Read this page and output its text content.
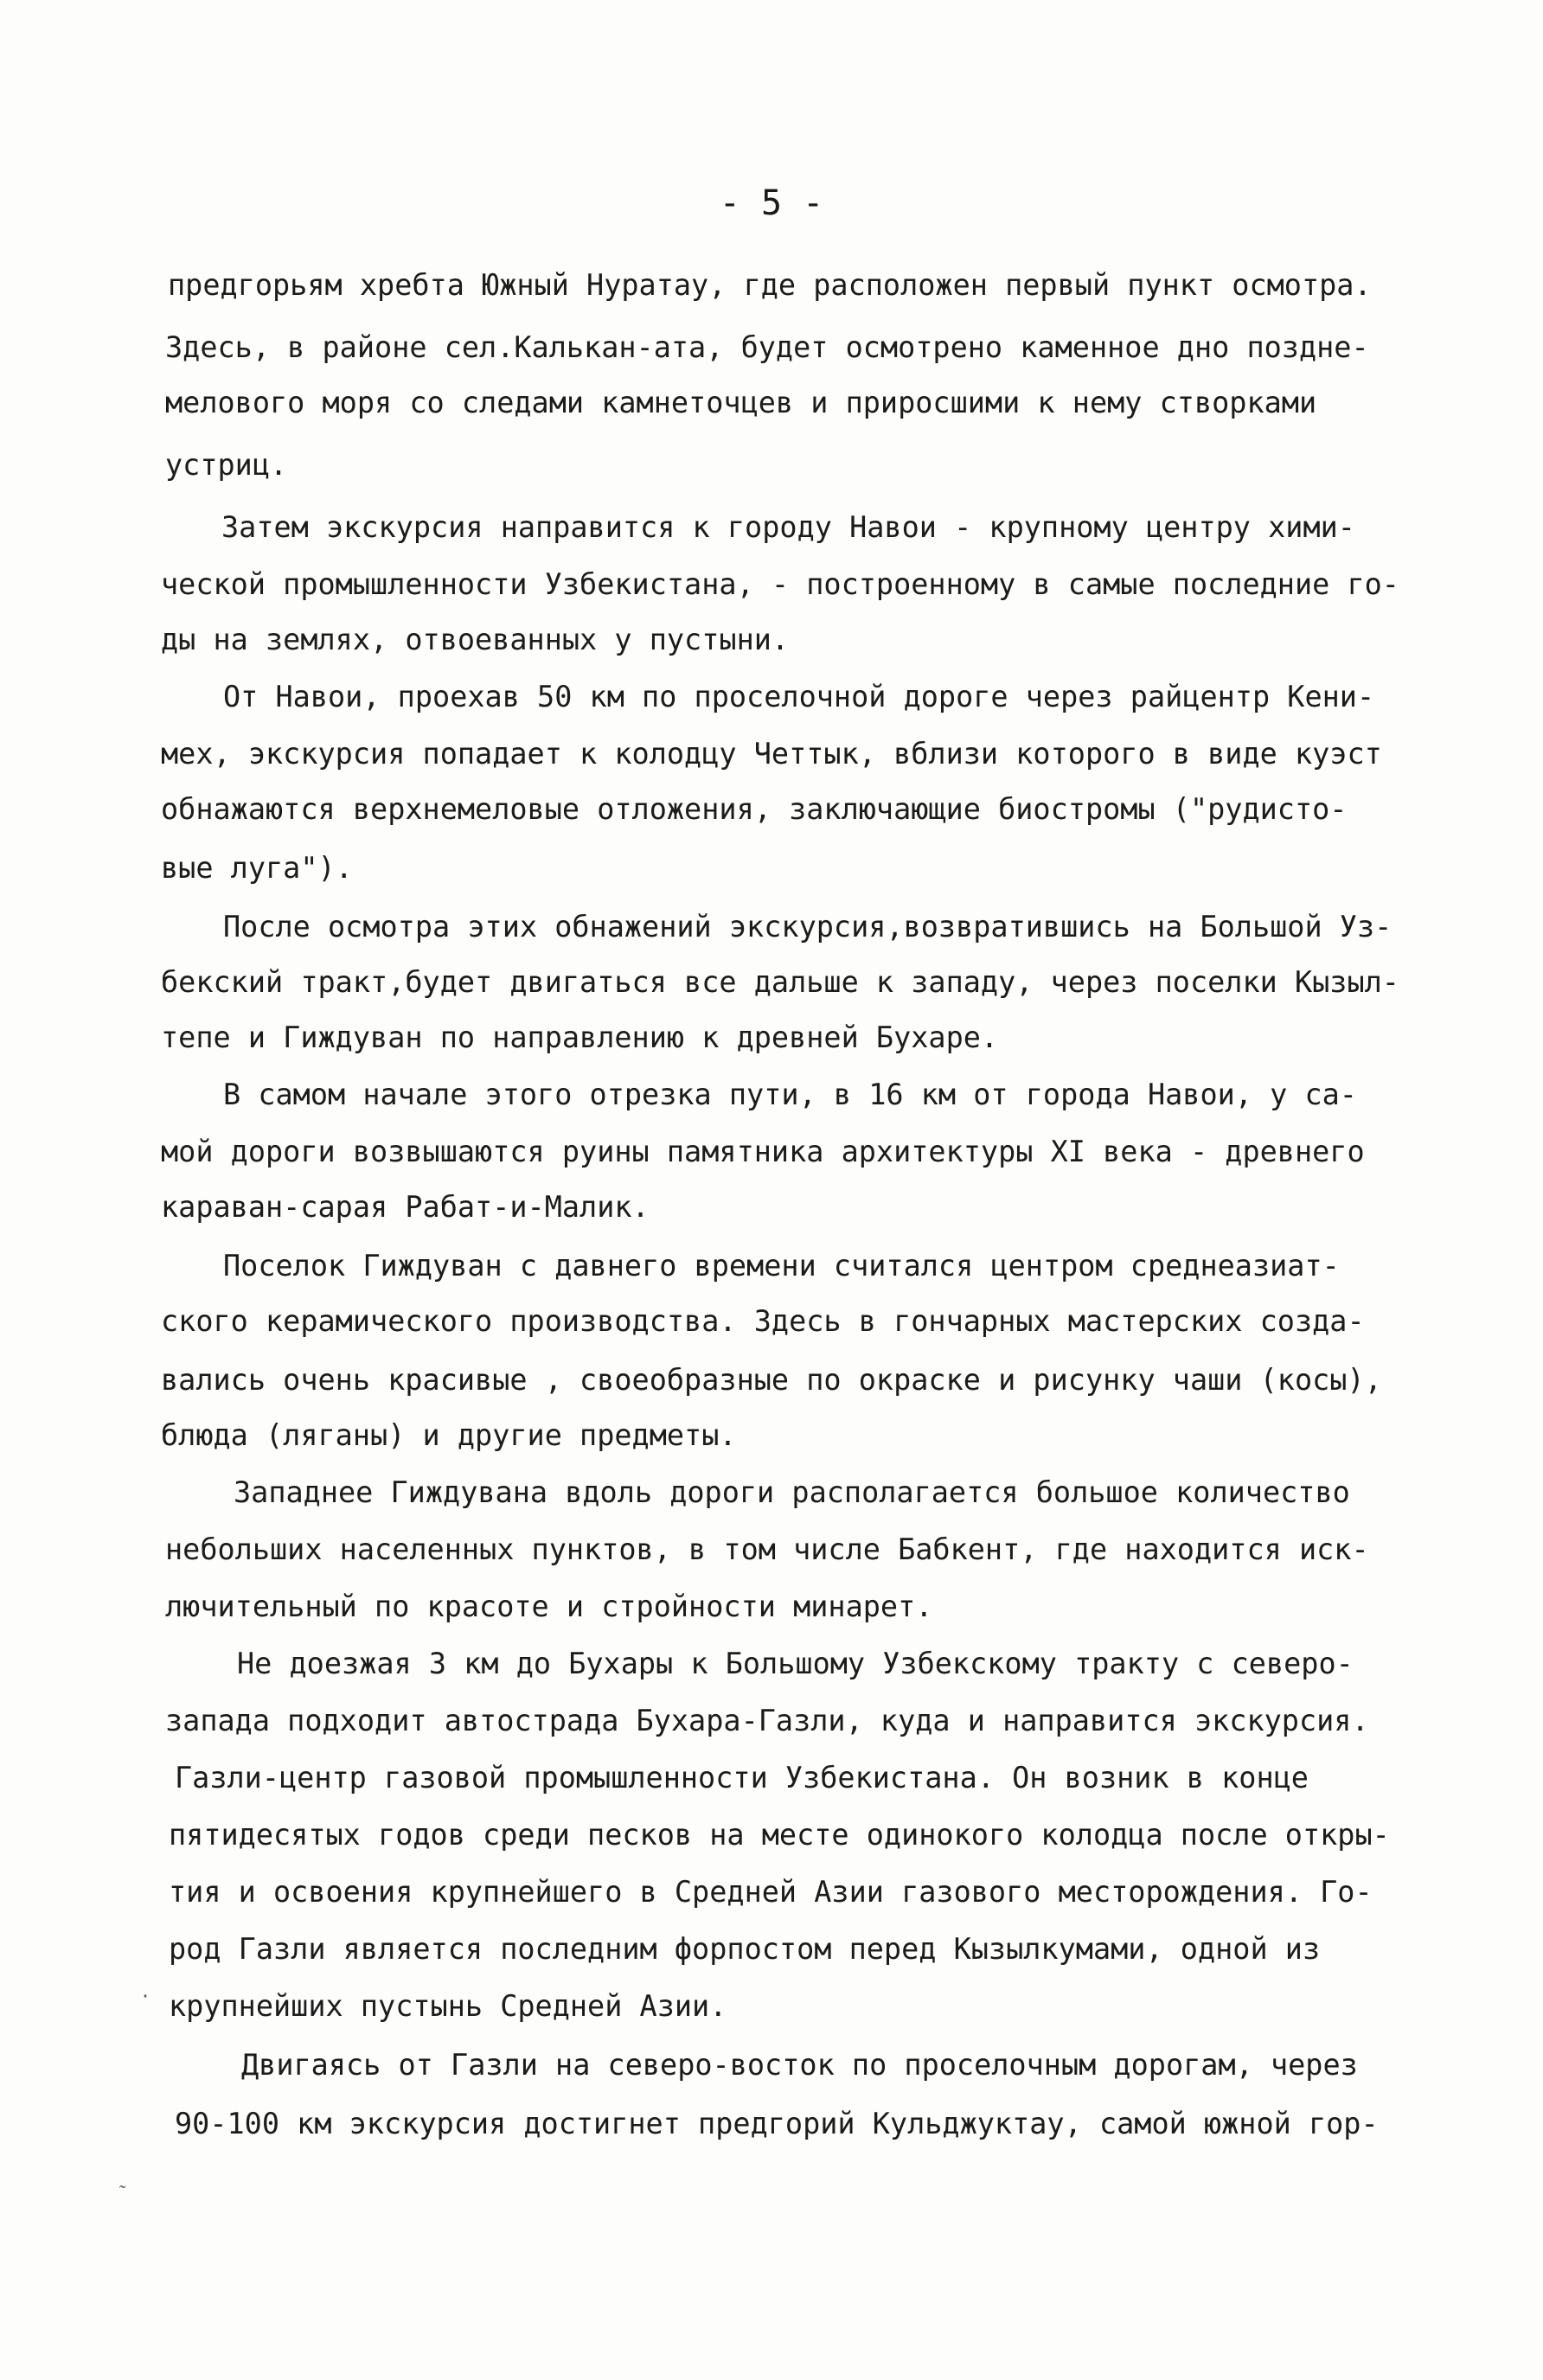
- 5 -
предгорьям хребта Южный Нуратау, где расположен первый пункт осмотра.
Здесь, в районе сел.Калькан-ата, будет осмотрено каменное дно поздне-
мелового моря со следами камнеточцев и приросшими к нему створками
устриц.
Затем экскурсия направится к городу Навои - крупному центру хими-
ческой промышленности Узбекистана, - построенному в самые последние го-
ды на землях, отвоеванных у пустыни.
От Навои, проехав 50 км по проселочной дороге через райцентр Кени-
мех, экскурсия попадает к колодцу Четтык, вблизи которого в виде куэст
обнажаются верхнемеловые отложения, заключающие биостромы ("рудисто-
вые луга").
После осмотра этих обнажений экскурсия,возвратившись на Большой Уз-
бекский тракт,будет двигаться все дальше к западу, через поселки Кызыл-
тепе и Гиждуван по направлению к древней Бухаре.
В самом начале этого отрезка пути, в 16 км от города Навои, у са-
мой дороги возвышаются руины памятника архитектуры XI века - древнего
караван-сарая Рабат-и-Малик.
Поселок Гиждуван с давнего времени считался центром среднеазиат-
ского керамического производства. Здесь в гончарных мастерских созда-
вались очень красивые , своеобразные по окраске и рисунку чаши (косы),
блюда (ляганы) и другие предметы.
Западнее Гиждувана вдоль дороги располагается большое количество
небольших населенных пунктов, в том числе Бабкент, где находится иск-
лючительный по красоте и стройности минарет.
Не доезжая 3 км до Бухары к Большому Узбекскому тракту с северо-
запада подходит автострада Бухара-Газли, куда и направится экскурсия.
Газли-центр газовой промышленности Узбекистана. Он возник в конце
пятидесятых годов среди песков на месте одинокого колодца после откры-
тия и освоения крупнейшего в Средней Азии газового месторождения. Го-
род Газли является последним форпостом перед Кызылкумами, одной из
крупнейших пустынь Средней Азии.
Двигаясь от Газли на северо-восток по проселочным дорогам, через
90-100 км экскурсия достигнет предгорий Кульджуктау, самой южной гор-
·
˷
